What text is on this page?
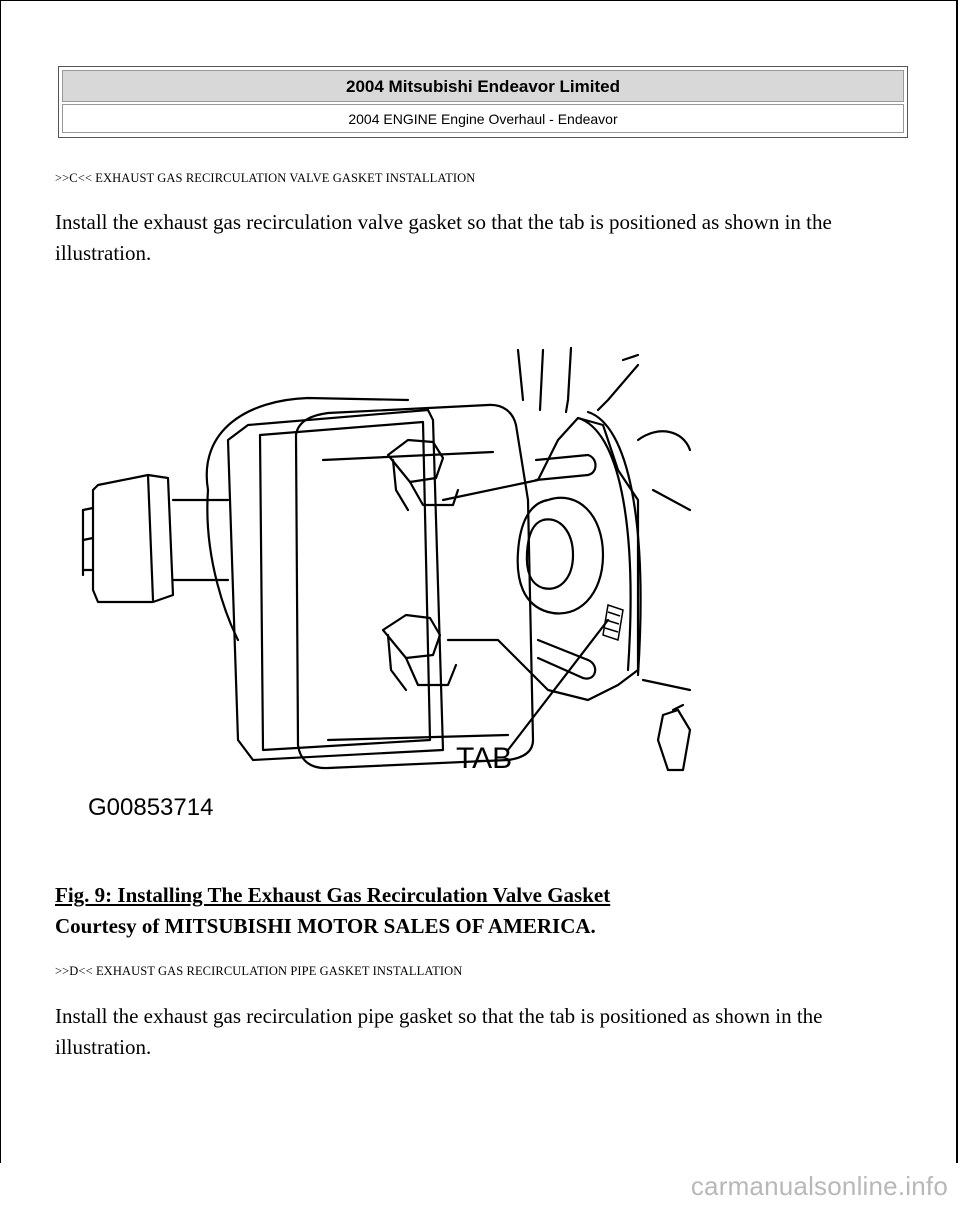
2004 Mitsubishi Endeavor Limited
2004 ENGINE Engine Overhaul - Endeavor
>>C<< EXHAUST GAS RECIRCULATION VALVE GASKET INSTALLATION
Install the exhaust gas recirculation valve gasket so that the tab is positioned as shown in the illustration.
TAB
G00853714
Fig. 9: Installing The Exhaust Gas Recirculation Valve Gasket
Courtesy of MITSUBISHI MOTOR SALES OF AMERICA.
>>D<< EXHAUST GAS RECIRCULATION PIPE GASKET INSTALLATION
Install the exhaust gas recirculation pipe gasket so that the tab is positioned as shown in the illustration.
carmanualsonline.info
